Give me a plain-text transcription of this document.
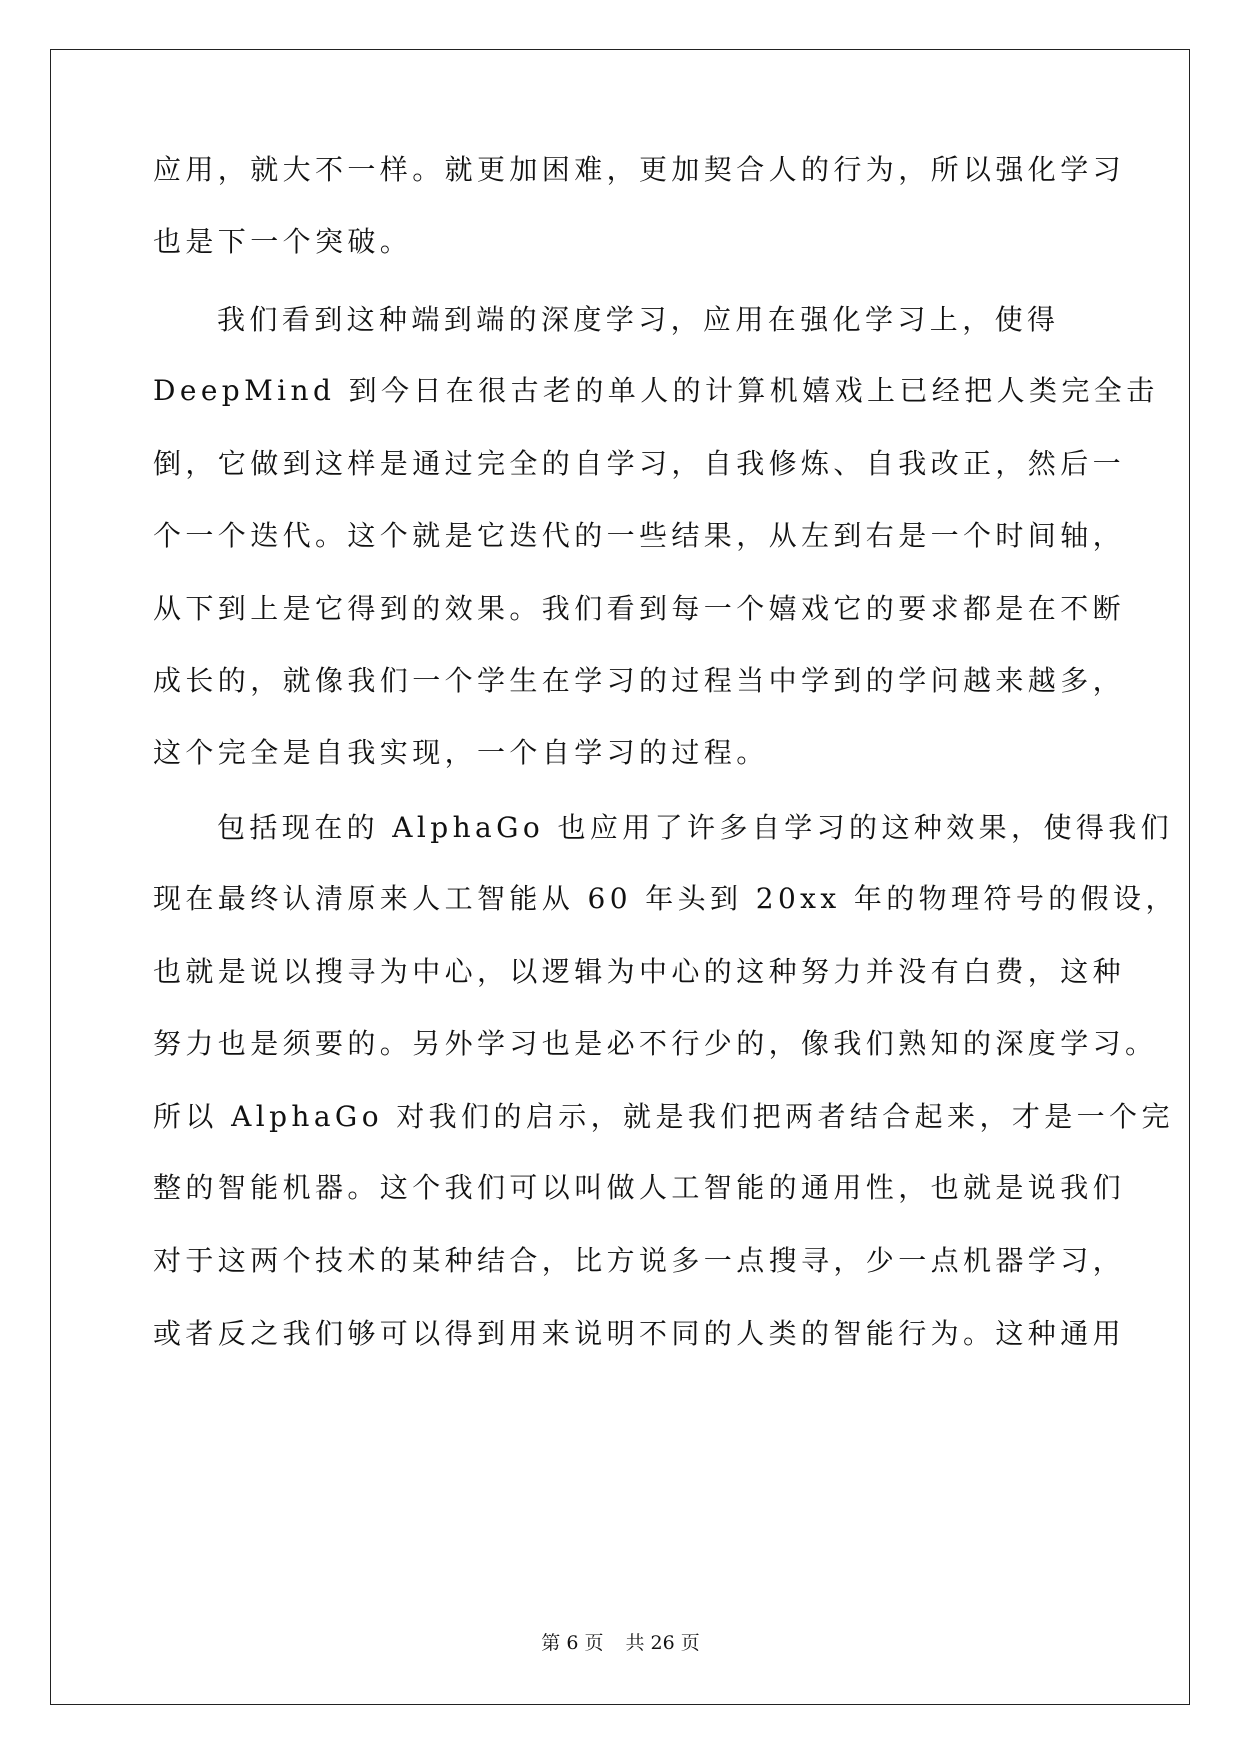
应用，就大不一样。就更加困难，更加契合人的行为，所以强化学习
也是下一个突破。
我们看到这种端到端的深度学习，应用在强化学习上，使得
DeepMind 到今日在很古老的单人的计算机嬉戏上已经把人类完全击
倒，它做到这样是通过完全的自学习，自我修炼、自我改正，然后一
个一个迭代。这个就是它迭代的一些结果，从左到右是一个时间轴，
从下到上是它得到的效果。我们看到每一个嬉戏它的要求都是在不断
成长的，就像我们一个学生在学习的过程当中学到的学问越来越多，
这个完全是自我实现，一个自学习的过程。
包括现在的 AlphaGo 也应用了许多自学习的这种效果，使得我们
现在最终认清原来人工智能从 60 年头到 20xx 年的物理符号的假设，
也就是说以搜寻为中心，以逻辑为中心的这种努力并没有白费，这种
努力也是须要的。另外学习也是必不行少的，像我们熟知的深度学习。
所以 AlphaGo 对我们的启示，就是我们把两者结合起来，才是一个完
整的智能机器。这个我们可以叫做人工智能的通用性，也就是说我们
对于这两个技术的某种结合，比方说多一点搜寻，少一点机器学习，
或者反之我们够可以得到用来说明不同的人类的智能行为。这种通用
第 6 页 共 26 页
